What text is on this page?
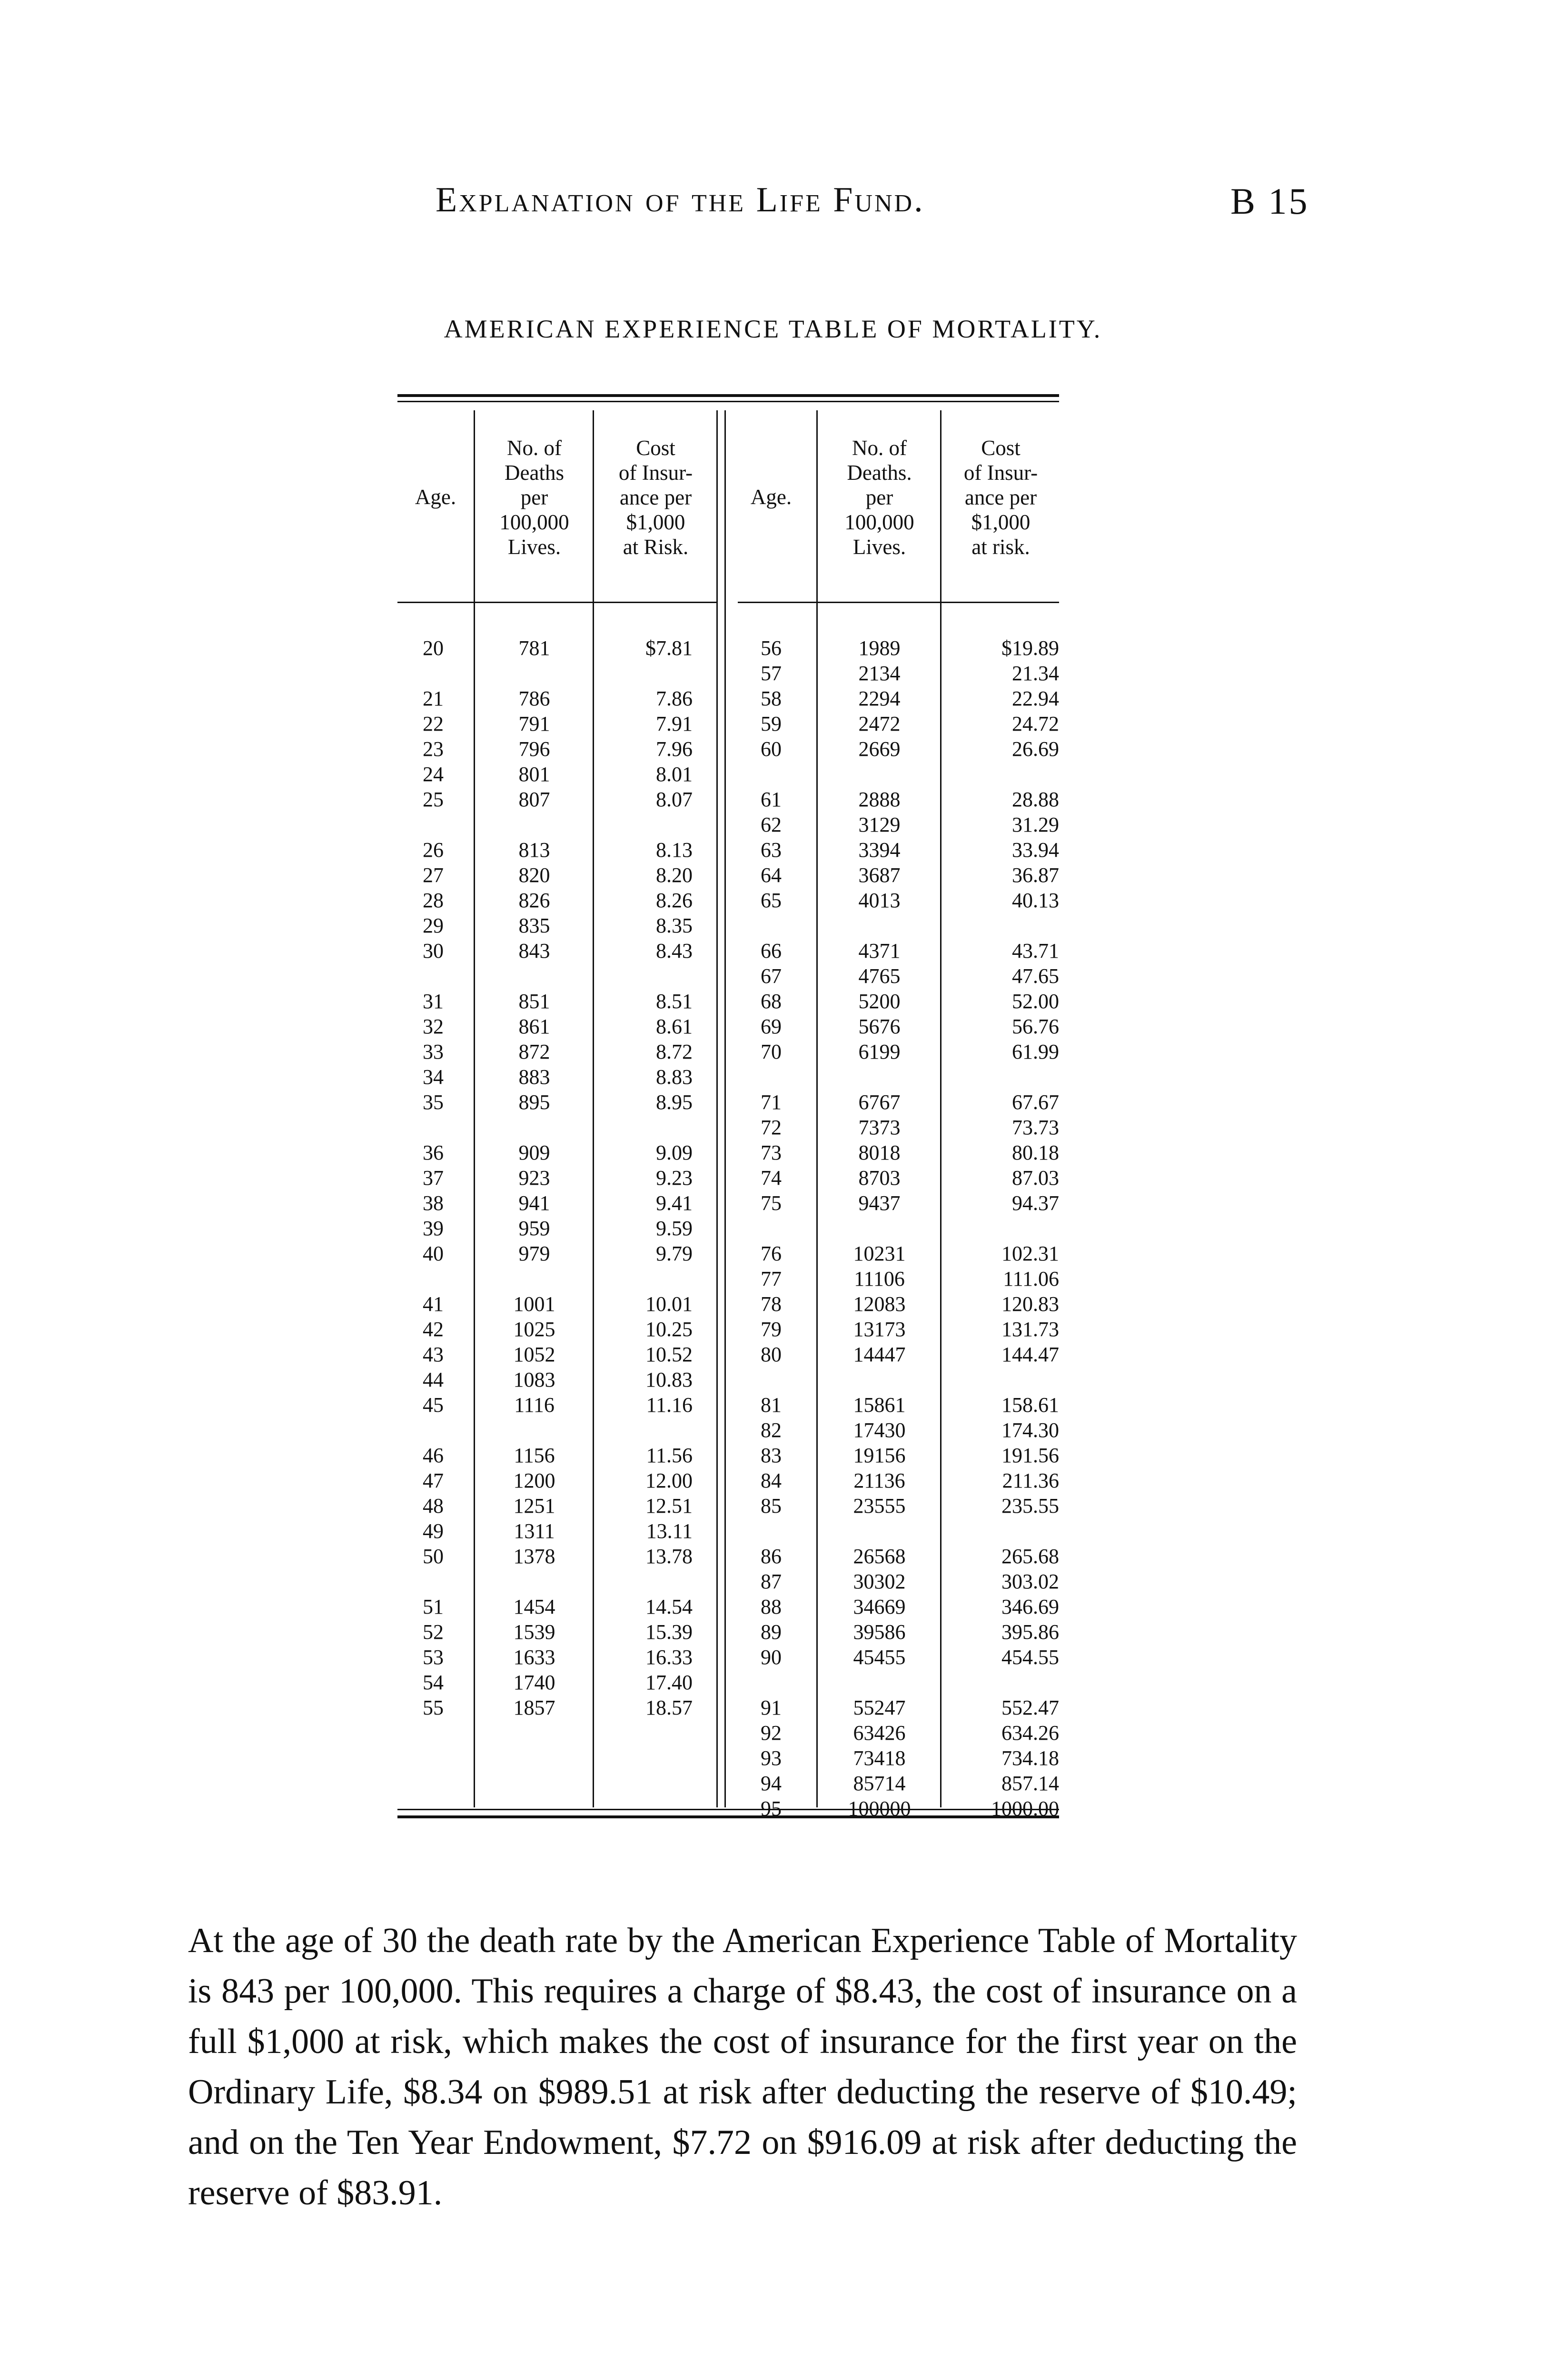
Explanation of the Life Fund.	B 15
AMERICAN EXPERIENCE TABLE OF MORTALITY.
Age.
No. of
Deaths
per
100,000
Lives.
Cost
of Insur-
ance per
$1,000
at Risk.
Age.
No. of
Deaths.
per
100,000
Lives.
Cost
of Insur-
ance per
$1,000
at risk.
20
21
22
23
24
25
26
27
28
29
30
31
32
33
34
35
36
37
38
39
40
41
42
43
44
45
46
47
48
49
50
51
52
53
54
55
781
786
791
796
801
807
813
820
826
835
843
851
861
872
883
895
909
923
941
959
979
1001
1025
1052
1083
1116
1156
1200
1251
1311
1378
1454
1539
1633
1740
1857
$7.81
7.86
7.91
7.96
8.01
8.07
8.13
8.20
8.26
8.35
8.43
8.51
8.61
8.72
8.83
8.95
9.09
9.23
9.41
9.59
9.79
10.01
10.25
10.52
10.83
11.16
11.56
12.00
12.51
13.11
13.78
14.54
15.39
16.33
17.40
18.57
56
57
58
59
60
61
62
63
64
65
66
67
68
69
70
71
72
73
74
75
76
77
78
79
80
81
82
83
84
85
86
87
88
89
90
91
92
93
94
95
1989
2134
2294
2472
2669
2888
3129
3394
3687
4013
4371
4765
5200
5676
6199
6767
7373
8018
8703
9437
10231
11106
12083
13173
14447
15861
17430
19156
21136
23555
26568
30302
34669
39586
45455
55247
63426
73418
85714
100000
$19.89
21.34
22.94
24.72
26.69
28.88
31.29
33.94
36.87
40.13
43.71
47.65
52.00
56.76
61.99
67.67
73.73
80.18
87.03
94.37
102.31
111.06
120.83
131.73
144.47
158.61
174.30
191.56
211.36
235.55
265.68
303.02
346.69
395.86
454.55
552.47
634.26
734.18
857.14
1000.00

At the age of 30 the death rate by the American Experience Table of Mortality is 843 per 100,000. This requires a charge of $8.43, the cost of insurance on a full $1,000 at risk, which makes the cost of insurance for the first year on the Ordinary Life, $8.34 on $989.51 at risk after deducting the reserve of $10.49; and on the Ten Year Endowment, $7.72 on $916.09 at risk after deducting the reserve of $83.91.
